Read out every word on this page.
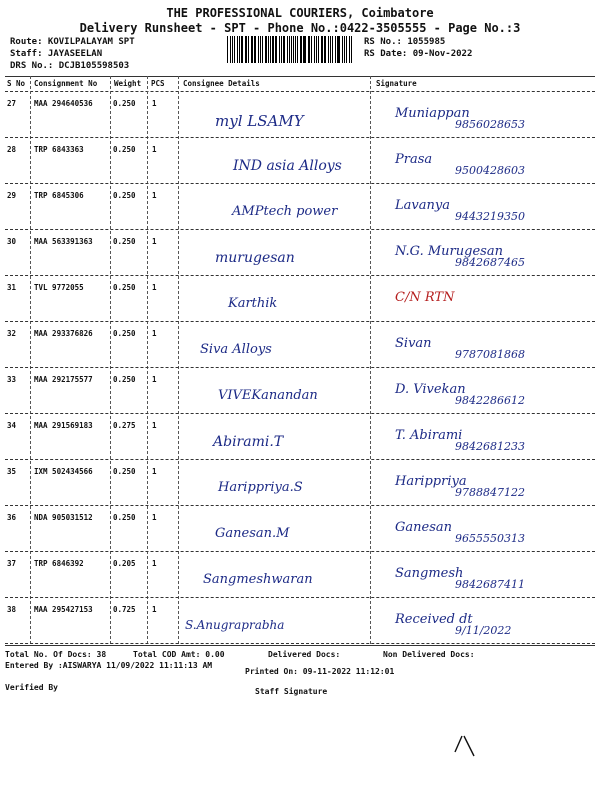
THE PROFESSIONAL COURIERS, Coimbatore
Delivery Runsheet - SPT - Phone No.:0422-3505555 - Page No.:3
Route: KOVILPALAYAM SPT
Staff: JAYASEELAN
DRS No.: DCJB105598503
RS No.: 1055985
RS Date: 09-Nov-2022
S No Consignment No Weight PCS Consignee Details	Signature
27 MAA 294640536	0.250 1
myl LSAMY	Muniappan
9856028653
28 TRP 6843363	0.250 1
IND asia Alloys	Prasa
9500428603
29 TRP 6845306	0.250 1
AMPtech power	Lavanya
9443219350
30 MAA 563391363	0.250 1
murugesan	N.G. Murugesan
9842687465
31 TVL 9772055	0.250 1
Karthik	C/N RTN
32 MAA 293376826	0.250 1
Siva Alloys	Sivan
9787081868
33 MAA 292175577	0.250 1
VIVEKanandan	D. Vivekan
9842286612
34 MAA 291569183	0.275 1
Abirami.T	T. Abirami
9842681233
35 IXM 502434566	0.250 1
Harippriya.S	Harippriya
9788847122
36 NDA 905031512	0.250 1
Ganesan.M	Ganesan
9655550313
37 TRP 6846392	0.205 1
Sangmeshwaran	Sangmesh
9842687411
38 MAA 295427153	0.725 1
S.Anugraprabha	Received dt
9/11/2022
Total No. Of Docs: 38	Total COD Amt: 0.00	Delivered Docs:	Non Delivered Docs:
Entered By :AISWARYA 11/09/2022 11:11:13 AM
Printed On: 09-11-2022 11:12:01
Verified By	Staff Signature
